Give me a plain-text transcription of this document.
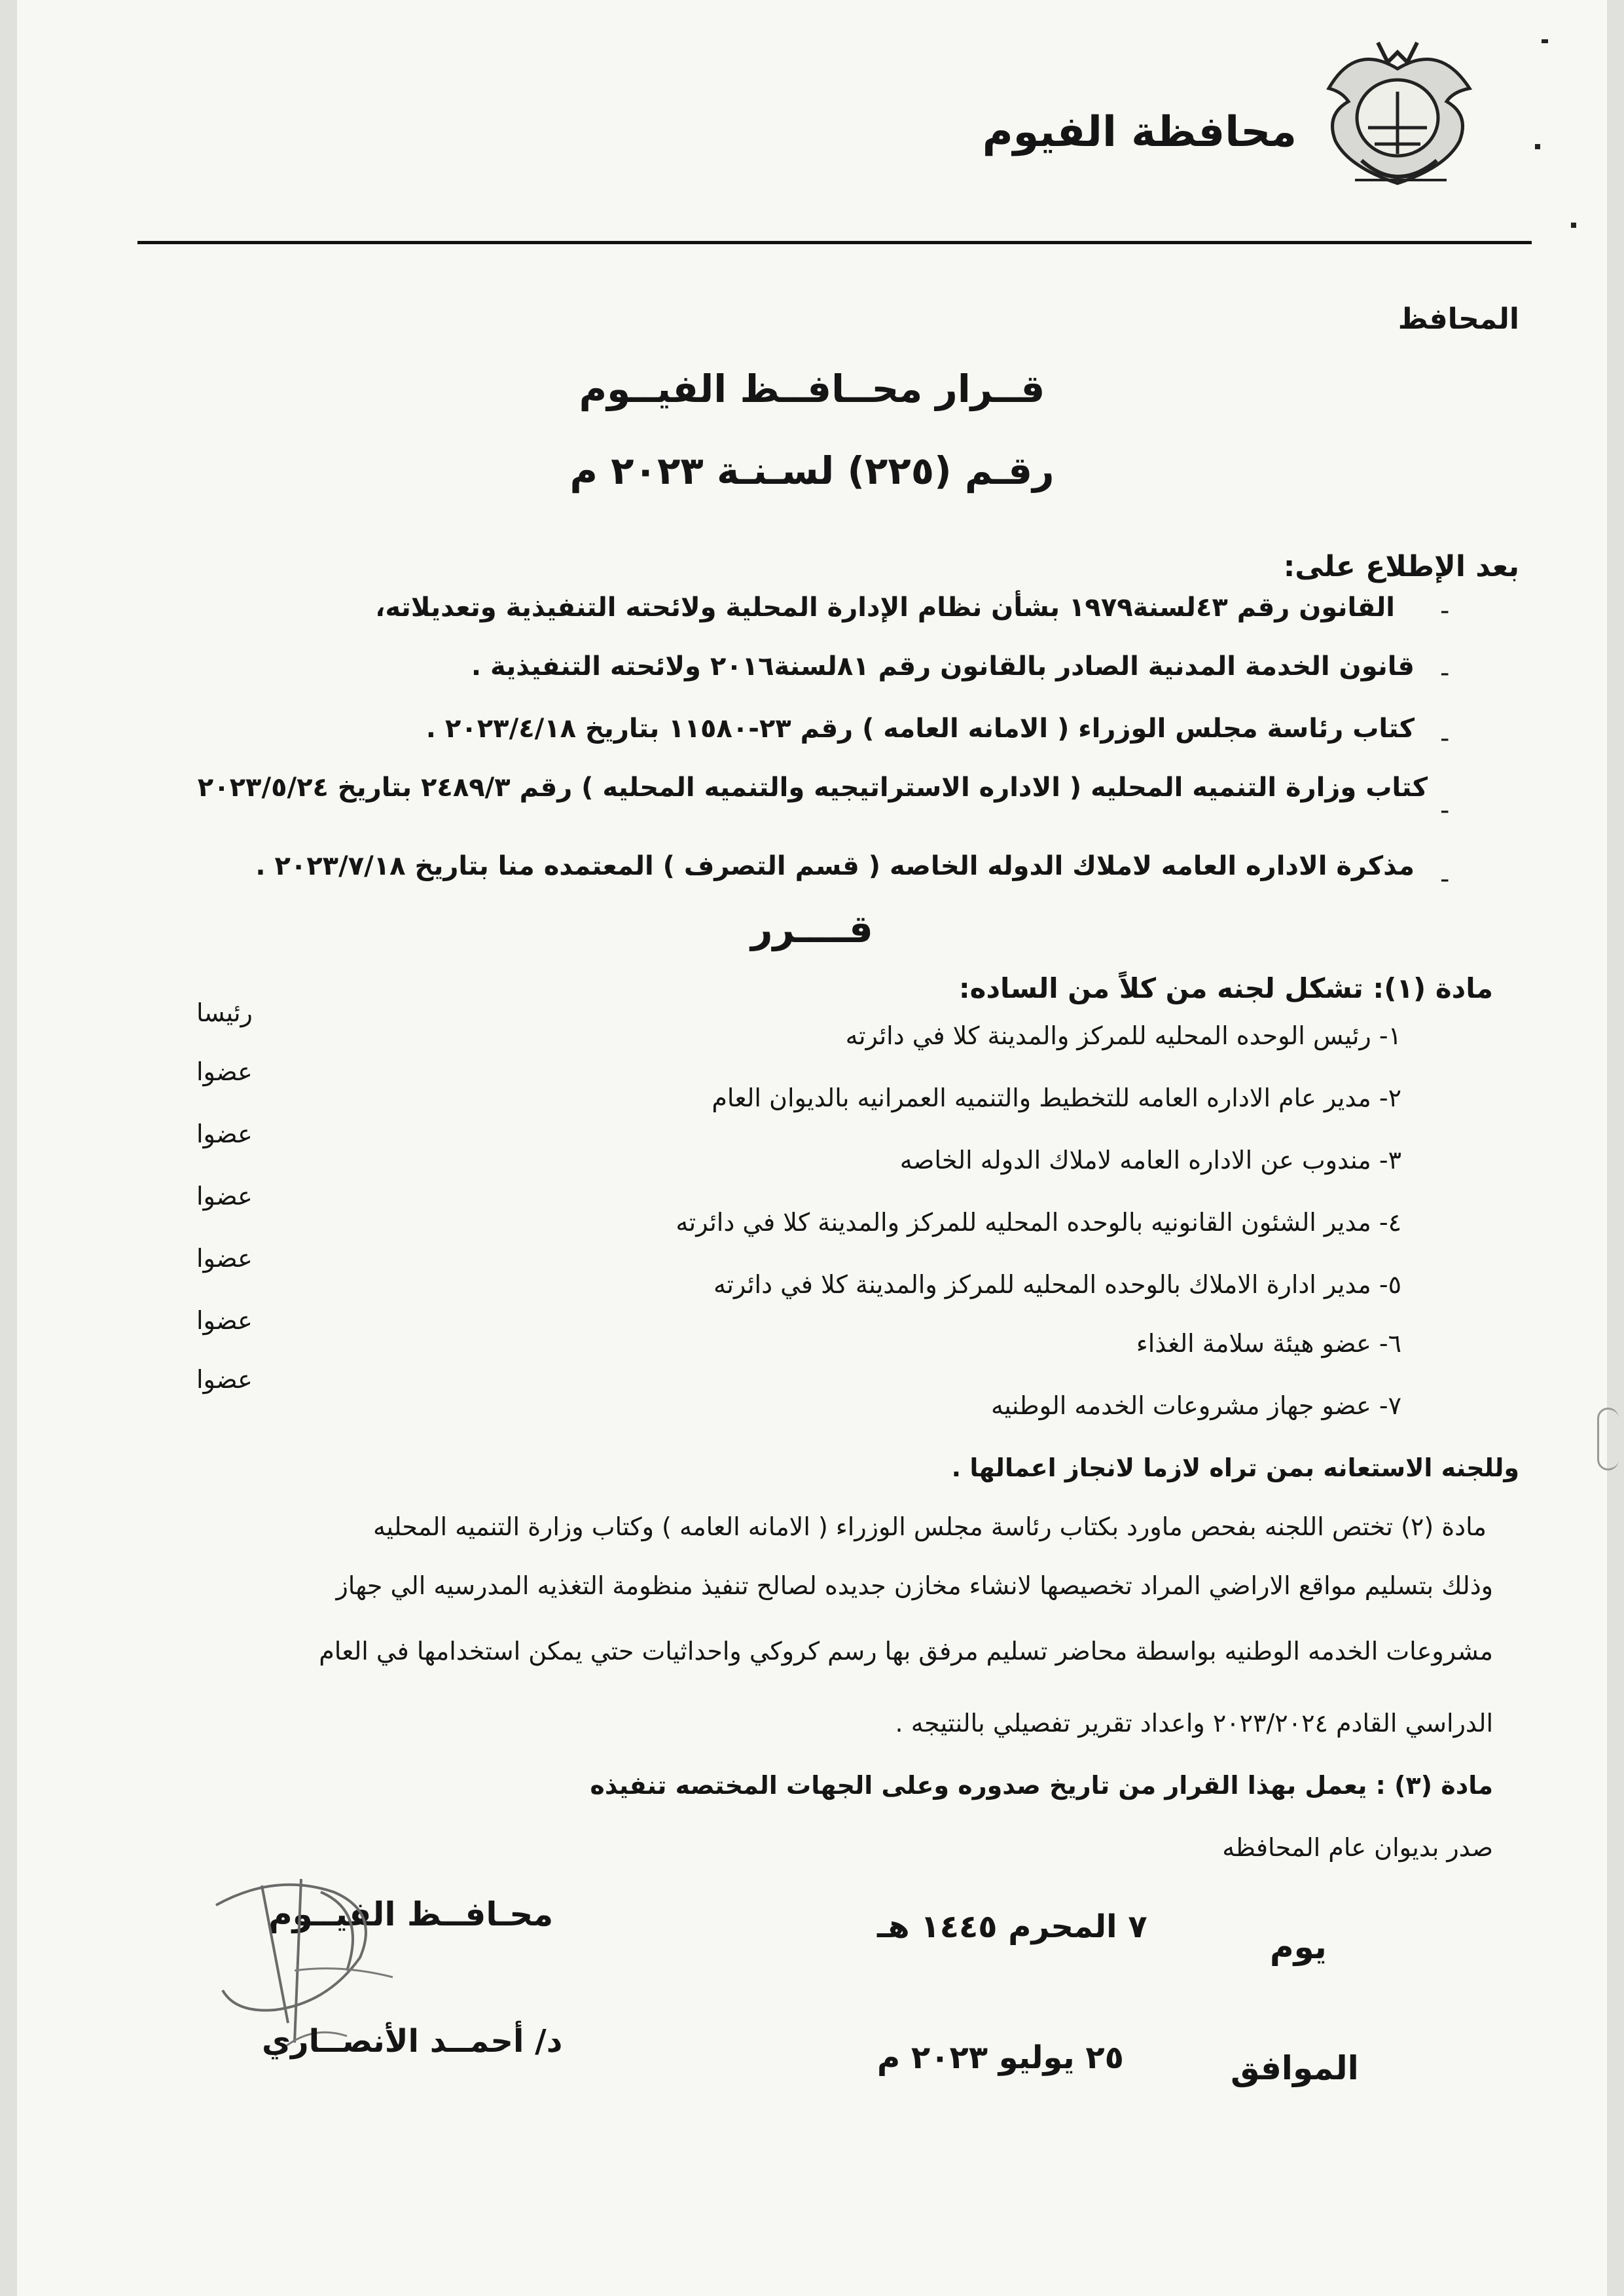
محافظة الفيوم
المحافظ
قــرار محــافــظ الفيــوم
رقـم (٢٢٥) لسـنـة ٢٠٢٣ م
بعد الإطلاع على:
القانون رقم ٤٣لسنة١٩٧٩ بشأن نظام الإدارة المحلية ولائحته التنفيذية وتعديلاته، -
قانون الخدمة المدنية الصادر بالقانون رقم ٨١لسنة٢٠١٦ ولائحته التنفيذية . -
كتاب رئاسة مجلس الوزراء ( الامانه العامه ) رقم ٢٣-١١٥٨٠ بتاريخ ٢٠٢٣/٤/١٨ . -
كتاب وزارة التنميه المحليه ( الاداره الاستراتيجيه والتنميه المحليه ) رقم ٢٤٨٩/٣ بتاريخ ٢٠٢٣/٥/٢٤
-
مذكرة الاداره العامه لاملاك الدوله الخاصه ( قسم التصرف ) المعتمده منا بتاريخ ٢٠٢٣/٧/١٨ . -
قــــرر
مادة (١): تشكل لجنه من كلاً من الساده:
١- رئيس الوحده المحليه للمركز والمدينة كلا في دائرته
رئيسا
٢- مدير عام الاداره العامه للتخطيط والتنميه العمرانيه بالديوان العام
عضوا
٣- مندوب عن الاداره العامه لاملاك الدوله الخاصه
عضوا
٤- مدير الشئون القانونيه بالوحده المحليه للمركز والمدينة كلا في دائرته
عضوا
٥- مدير ادارة الاملاك بالوحده المحليه للمركز والمدينة كلا في دائرته
عضوا
٦- عضو هيئة سلامة الغذاء
عضوا
٧- عضو جهاز مشروعات الخدمه الوطنيه
عضوا
وللجنه الاستعانه بمن تراه لازما لانجاز اعمالها .
مادة (٢) تختص اللجنه بفحص ماورد بكتاب رئاسة مجلس الوزراء ( الامانه العامه ) وكتاب وزارة التنميه المحليه
وذلك بتسليم مواقع الاراضي المراد تخصيصها لانشاء مخازن جديده لصالح تنفيذ منظومة التغذيه المدرسيه الي جهاز
مشروعات الخدمه الوطنيه بواسطة محاضر تسليم مرفق بها رسم كروكي واحداثيات حتي يمكن استخدامها في العام
الدراسي القادم ٢٠٢٣/٢٠٢٤ واعداد تقرير تفصيلي بالنتيجه .
مادة (٣) : يعمل بهذا القرار من تاريخ صدوره وعلى الجهات المختصه تنفيذه
صدر بديوان عام المحافظه
محـافــظ الفيــوم
د/ أحمــد الأنصــاري
يوم
٧ المحرم ١٤٤٥ هـ
الموافق
٢٥ يوليو ٢٠٢٣ م
